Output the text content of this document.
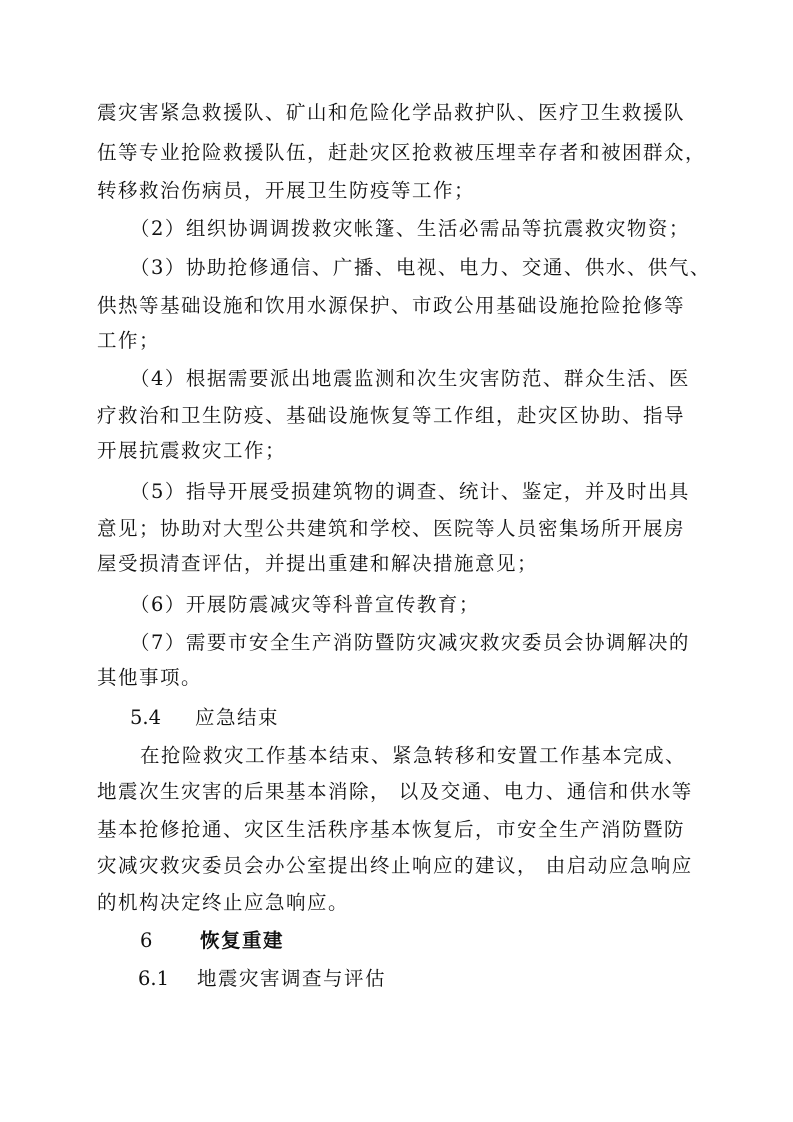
震灾害紧急救援队、矿山和危险化学品救护队、医疗卫生救援队
伍等专业抢险救援队伍，赶赴灾区抢救被压埋幸存者和被困群众，
转移救治伤病员，开展卫生防疫等工作；
（2）组织协调调拨救灾帐篷、生活必需品等抗震救灾物资；
（3）协助抢修通信、广播、电视、电力、交通、供水、供气、
供热等基础设施和饮用水源保护、市政公用基础设施抢险抢修等
工作；
（4）根据需要派出地震监测和次生灾害防范、群众生活、医
疗救治和卫生防疫、基础设施恢复等工作组，赴灾区协助、指导
开展抗震救灾工作；
（5）指导开展受损建筑物的调查、统计、鉴定，并及时出具
意见；协助对大型公共建筑和学校、医院等人员密集场所开展房
屋受损清查评估，并提出重建和解决措施意见；
（6）开展防震减灾等科普宣传教育；
（7）需要市安全生产消防暨防灾减灾救灾委员会协调解决的
其他事项。
5.4 应急结束
在抢险救灾工作基本结束、紧急转移和安置工作基本完成、
地震次生灾害的后果基本消除， 以及交通、电力、通信和供水等
基本抢修抢通、灾区生活秩序基本恢复后，市安全生产消防暨防
灾减灾救灾委员会办公室提出终止响应的建议， 由启动应急响应
的机构决定终止应急响应。
6 恢复重建
6.1 地震灾害调查与评估
